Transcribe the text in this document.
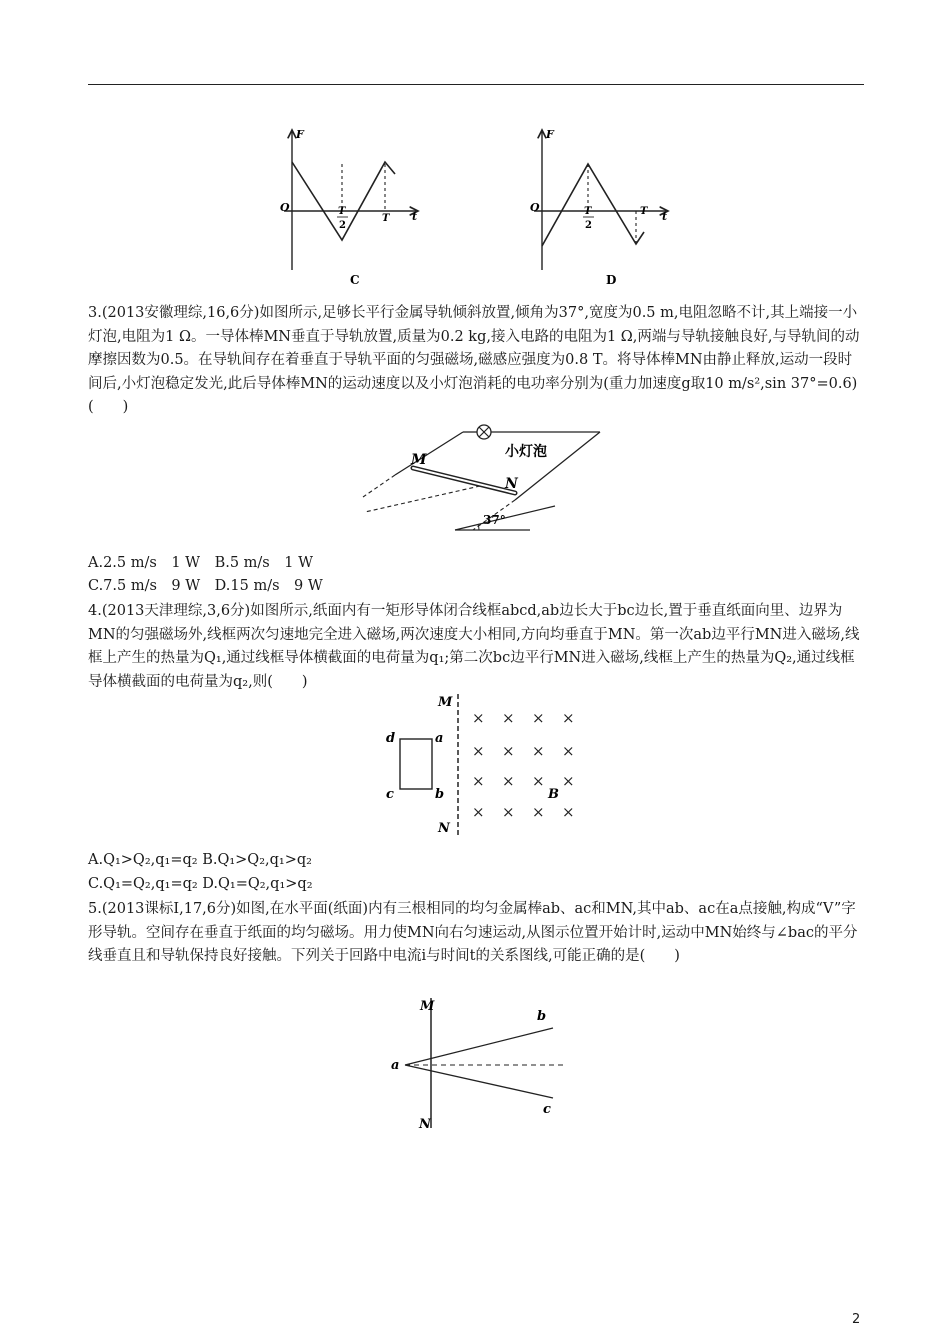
F
t
O	T
2
T
C
F
t
O	T
2
T
D

3.(2013安徽理综,16,6分)如图所示,足够长平行金属导轨倾斜放置,倾角为37°,宽度为0.5 m,电阻忽略不计,其上端接一小灯泡,电阻为1 Ω。一导体棒MN垂直于导轨放置,质量为0.2 kg,接入电路的电阻为1 Ω,两端与导轨接触良好,与导轨间的动摩擦因数为0.5。在导轨间存在着垂直于导轨平面的匀强磁场,磁感应强度为0.8 T。将导体棒MN由静止释放,运动一段时间后,小灯泡稳定发光,此后导体棒MN的运动速度以及小灯泡消耗的电功率分别为(重力加速度g取10 m/s²,sin 37°=0.6)(　　)

M
N
小灯泡
37°
A.2.5 m/s　1 W　B.5 m/s　1 W
C.7.5 m/s　9 W　D.15 m/s　9 W

4.(2013天津理综,3,6分)如图所示,纸面内有一矩形导体闭合线框abcd,ab边长大于bc边长,置于垂直纸面向里、边界为MN的匀强磁场外,线框两次匀速地完全进入磁场,两次速度大小相同,方向均垂直于MN。第一次ab边平行MN进入磁场,线框上产生的热量为Q₁,通过线框导体横截面的电荷量为q₁;第二次bc边平行MN进入磁场,线框上产生的热量为Q₂,通过线框导体横截面的电荷量为q₂,则(　　)

× × × ×
× × × ×
× × × ×
× × × ×
M
N
d	a
c	b	B
A.Q₁>Q₂,q₁=q₂ B.Q₁>Q₂,q₁>q₂
C.Q₁=Q₂,q₁=q₂ D.Q₁=Q₂,q₁>q₂

5.(2013课标Ⅰ,17,6分)如图,在水平面(纸面)内有三根相同的均匀金属棒ab、ac和MN,其中ab、ac在a点接触,构成“V”字形导轨。空间存在垂直于纸面的均匀磁场。用力使MN向右匀速运动,从图示位置开始计时,运动中MN始终与∠bac的平分线垂直且和导轨保持良好接触。下列关于回路中电流i与时间t的关系图线,可能正确的是(　　)

M
N
a
b
c
2
